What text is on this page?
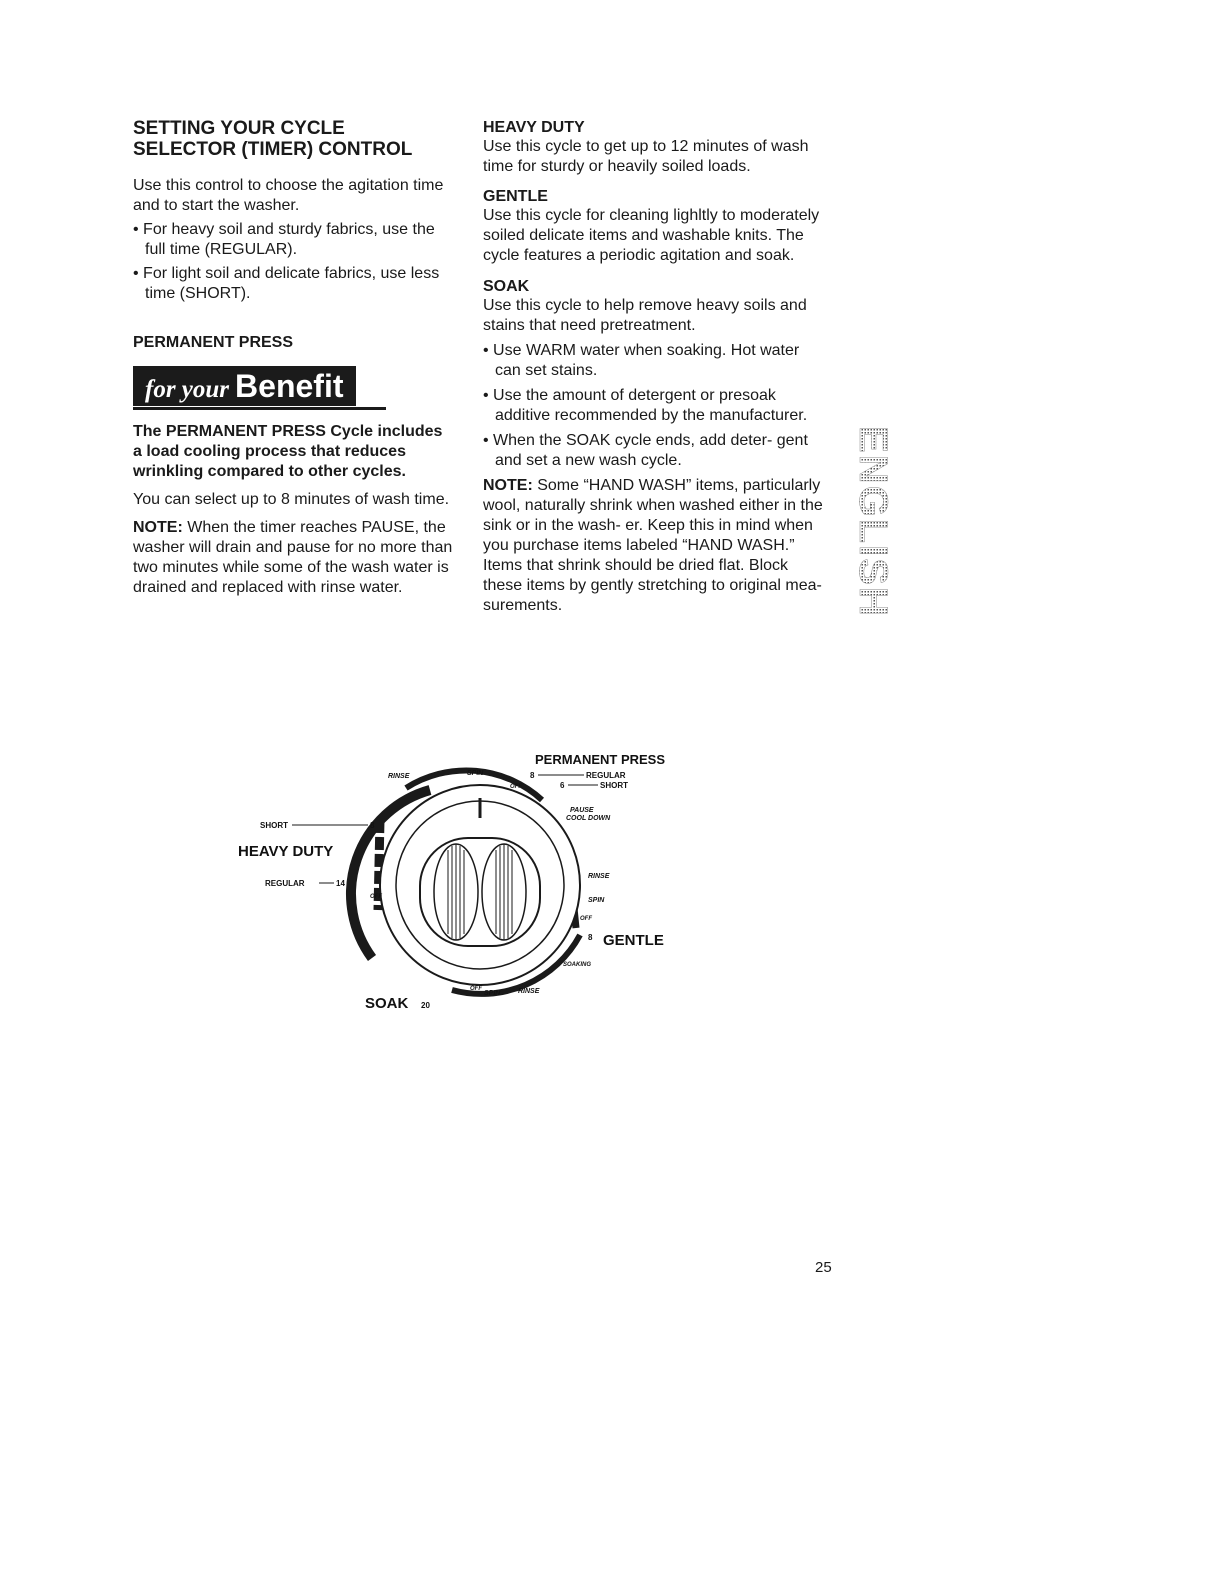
SETTING YOUR CYCLE
SELECTOR (TIMER) CONTROL

Use this control to choose the agitation time and to start the washer.

• For heavy soil and sturdy fabrics, use the full time (REGULAR).

• For light soil and delicate fabrics, use less time (SHORT).

PERMANENT PRESS
for your Benefit

The PERMANENT PRESS Cycle includes a load cooling process that reduces wrinkling compared to other cycles.

You can select up to 8 minutes of wash time.

NOTE: When the timer reaches PAUSE, the washer will drain and pause for no more than two minutes while some of the wash water is drained and replaced with rinse water.

HEAVY DUTY

Use this cycle to get up to 12 minutes of wash time for sturdy or heavily soiled loads.

GENTLE

Use this cycle for cleaning lighltly to moderately soiled delicate items and washable knits. The cycle features a periodic agitation and soak.

SOAK

Use this cycle to help remove heavy soils and stains that need pretreatment.

• Use WARM water when soaking. Hot water can set stains.

• Use the amount of detergent or presoak additive recommended by the manufacturer.

• When the SOAK cycle ends, add deter- gent and set a new wash cycle.

NOTE: Some “HAND WASH” items, particularly wool, naturally shrink when washed either in the sink or in the wash- er. Keep this in mind when you purchase items labeled “HAND WASH.” Items that shrink should be dried flat. Block these items by gently stretching to original mea- surements.

PERMANENT PRESS
8	REGULAR
6	SHORT
PAUSE
COOL DOWN
RINSE	SPIN
OFF
SHORT	8
HEAVY DUTY
REGULAR	14
OFF
RINSE
SPIN
OFF
8 GENTLE
SOAKING
OFF
SPIN	RINSE
SOAK 20
ENGLISH
25
